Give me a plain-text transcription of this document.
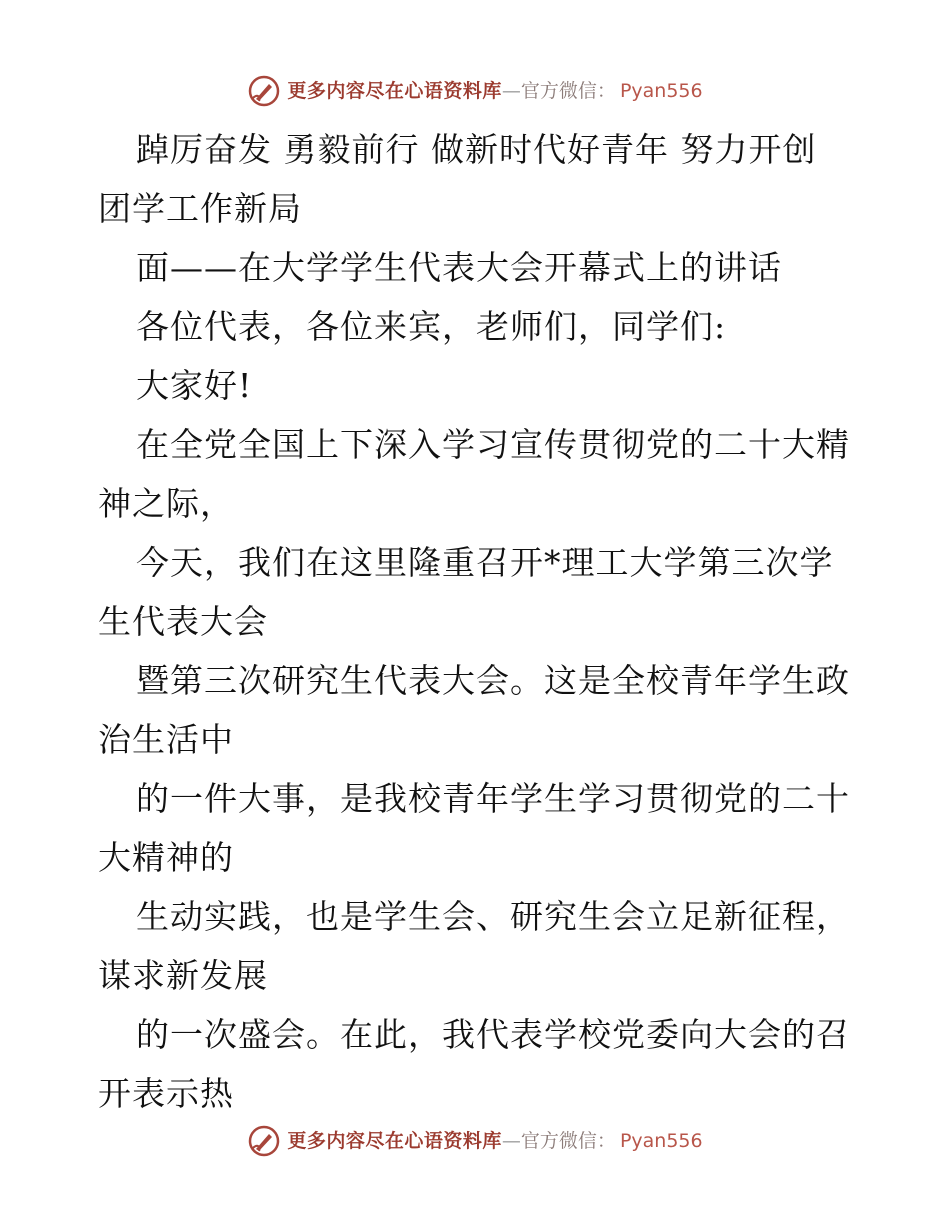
更多内容尽在心语资料库 — 官方微信： Pyan556
踔厉奋发 勇毅前行 做新时代好青年 努力开创
团学工作新局
面——在大学学生代表大会开幕式上的讲话
各位代表，各位来宾，老师们，同学们:
大家好!
在全党全国上下深入学习宣传贯彻党的二十大精
神之际，
今天，我们在这里隆重召开*理工大学第三次学
生代表大会
暨第三次研究生代表大会。这是全校青年学生政
治生活中
的一件大事，是我校青年学生学习贯彻党的二十
大精神的
生动实践，也是学生会、研究生会立足新征程，
谋求新发展
的一次盛会。在此，我代表学校党委向大会的召
开表示热
更多内容尽在心语资料库 — 官方微信： Pyan556
